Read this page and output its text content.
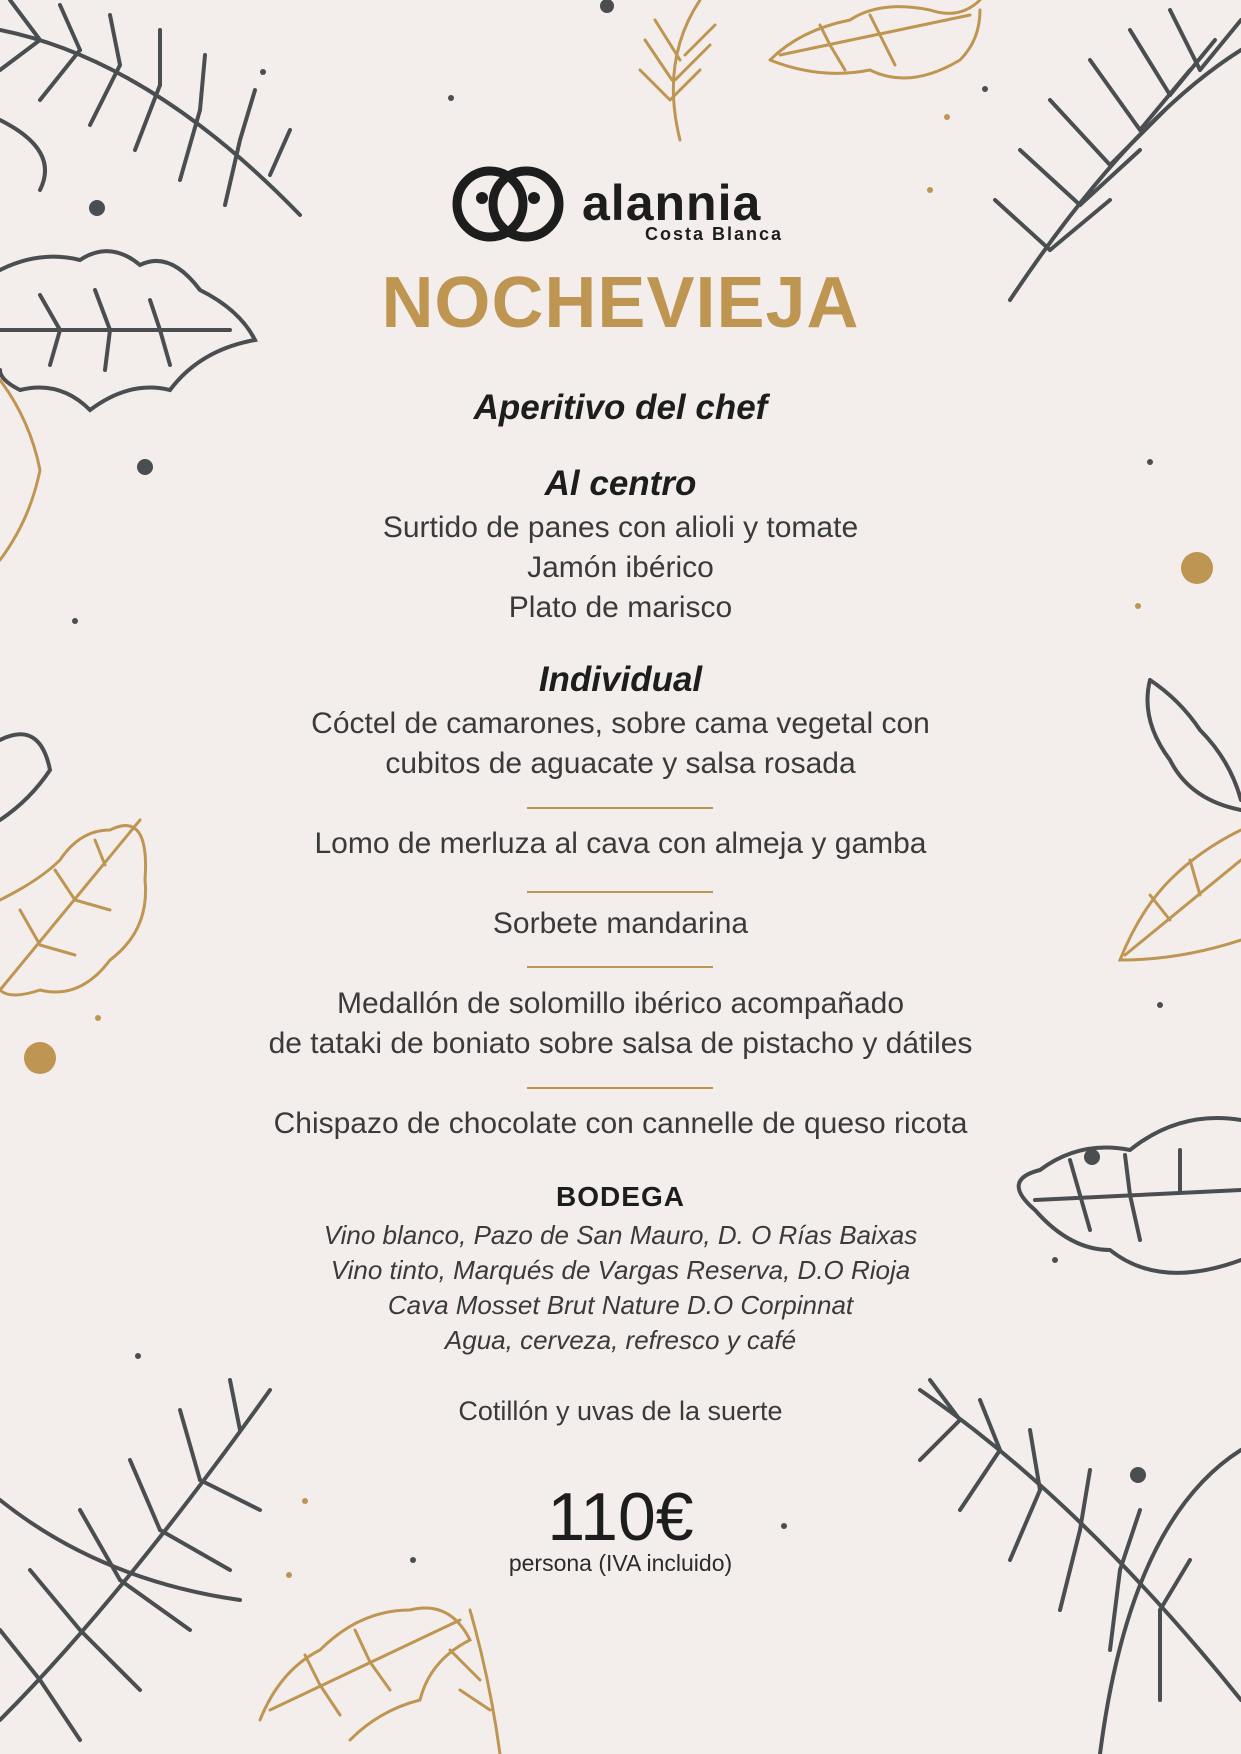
alannia
Costa Blanca
NOCHEVIEJA
Aperitivo del chef
Al centro
Surtido de panes con alioli y tomate
Jamón ibérico
Plato de marisco
Individual
Cóctel de camarones, sobre cama vegetal con
cubitos de aguacate y salsa rosada
Lomo de merluza al cava con almeja y gamba
Sorbete mandarina
Medallón de solomillo ibérico acompañado
de tataki de boniato sobre salsa de pistacho y dátiles
Chispazo de chocolate con cannelle de queso ricota
BODEGA
Vino blanco, Pazo de San Mauro, D. O Rías Baixas
Vino tinto, Marqués de Vargas Reserva, D.O Rioja
Cava Mosset Brut Nature D.O Corpinnat
Agua, cerveza, refresco y café
Cotillón y uvas de la suerte
110€
persona (IVA incluido)
